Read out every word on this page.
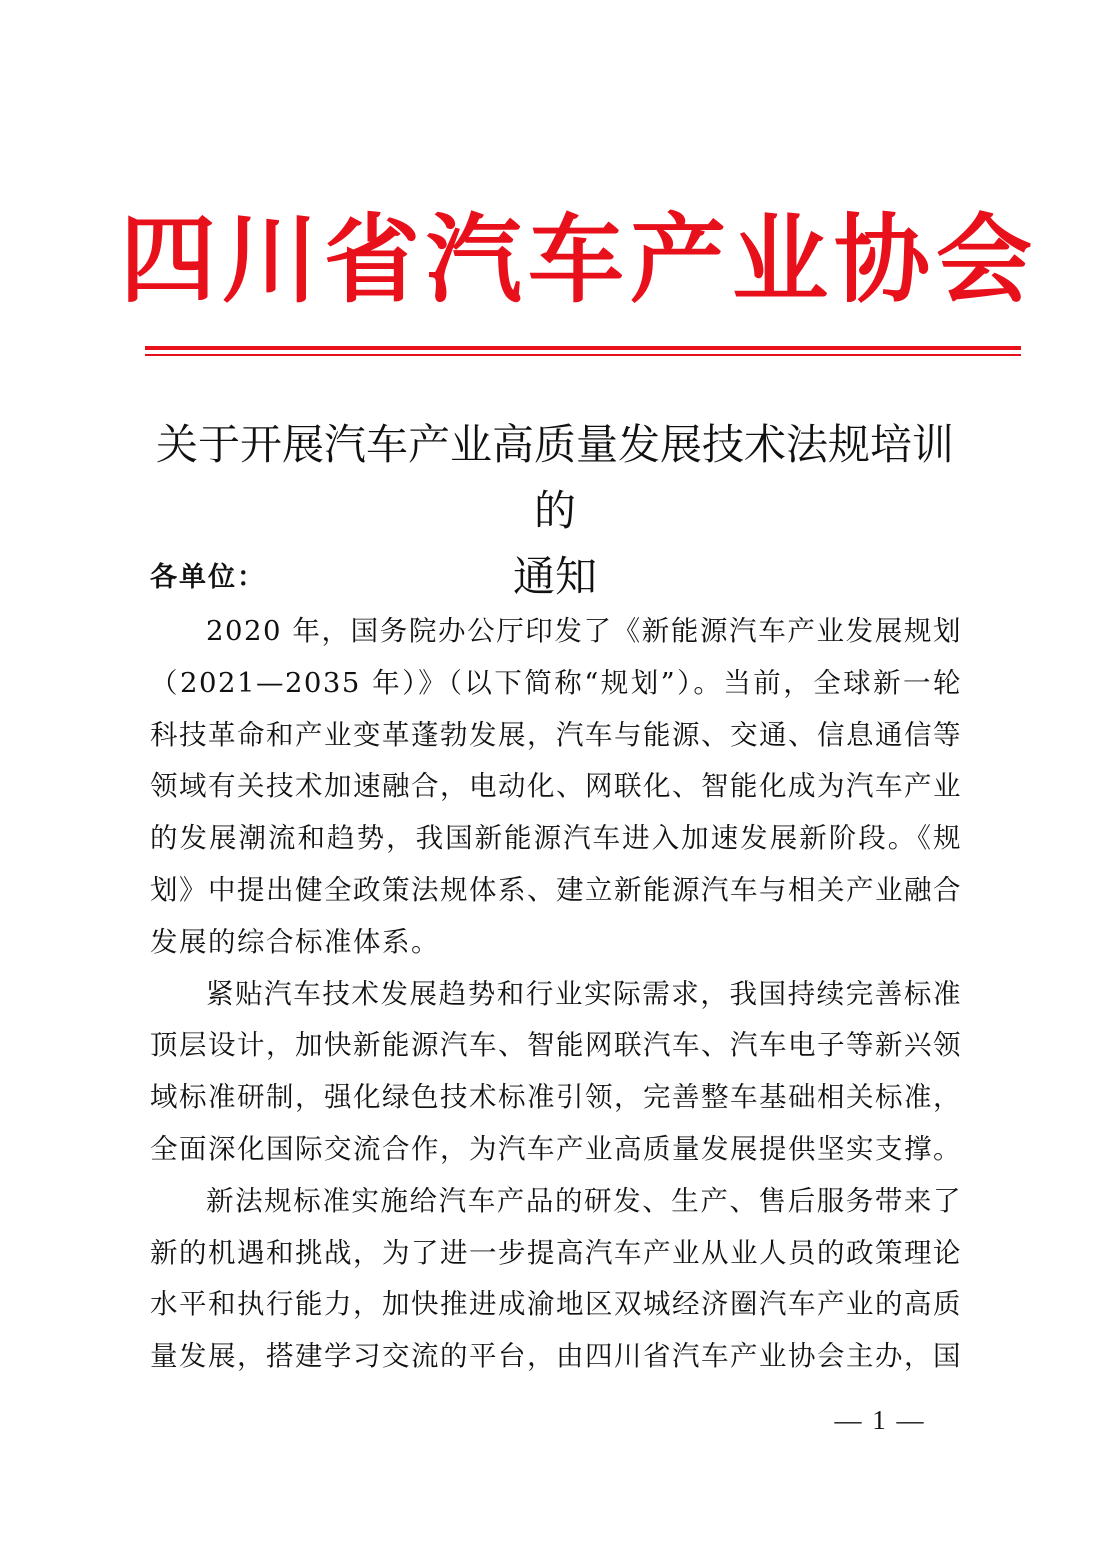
四川省汽车产业协会
关于开展汽车产业高质量发展技术法规培训的
通知
各单位：

2020 年，国务院办公厅印发了《新能源汽车产业发展规划（2021—2035 年）》（以下简称“规划”）。当前，全球新一轮科技革命和产业变革蓬勃发展，汽车与能源、交通、信息通信等领域有关技术加速融合，电动化、网联化、智能化成为汽车产业的发展潮流和趋势，我国新能源汽车进入加速发展新阶段。《规划》中提出健全政策法规体系、建立新能源汽车与相关产业融合发展的综合标准体系。

紧贴汽车技术发展趋势和行业实际需求，我国持续完善标准顶层设计，加快新能源汽车、智能网联汽车、汽车电子等新兴领域标准研制，强化绿色技术标准引领，完善整车基础相关标准，全面深化国际交流合作，为汽车产业高质量发展提供坚实支撑。

新法规标准实施给汽车产品的研发、生产、售后服务带来了新的机遇和挑战，为了进一步提高汽车产业从业人员的政策理论水平和执行能力，加快推进成渝地区双城经济圈汽车产业的高质量发展，搭建学习交流的平台，由四川省汽车产业协会主办，国

— 1 —
